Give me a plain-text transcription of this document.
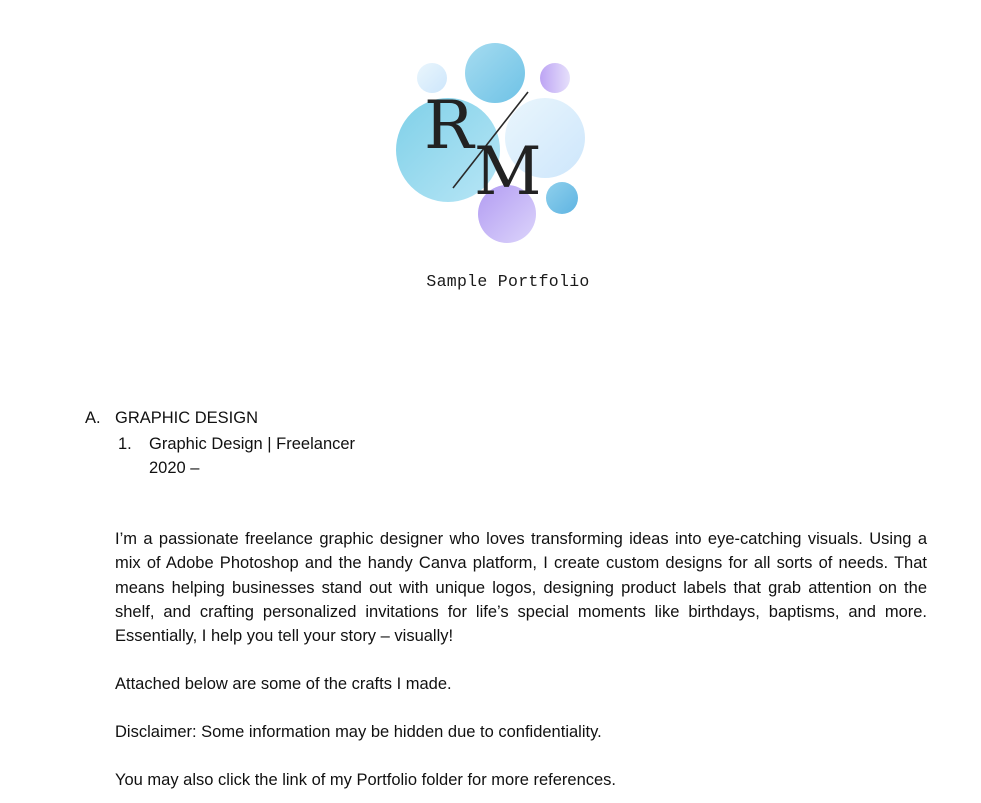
R
M
Sample Portfolio
A. GRAPHIC DESIGN
1. Graphic Design | Freelancer
2020 –

I’m a passionate freelance graphic designer who loves transforming ideas into eye-catching visuals. Using a mix of Adobe Photoshop and the handy Canva platform, I create custom designs for all sorts of needs. That means helping businesses stand out with unique logos, designing product labels that grab attention on the shelf, and crafting personalized invitations for life’s special moments like birthdays, baptisms, and more. Essentially, I help you tell your story – visually!

Attached below are some of the crafts I made.

Disclaimer: Some information may be hidden due to confidentiality.

You may also click the link of my Portfolio folder for more references.
